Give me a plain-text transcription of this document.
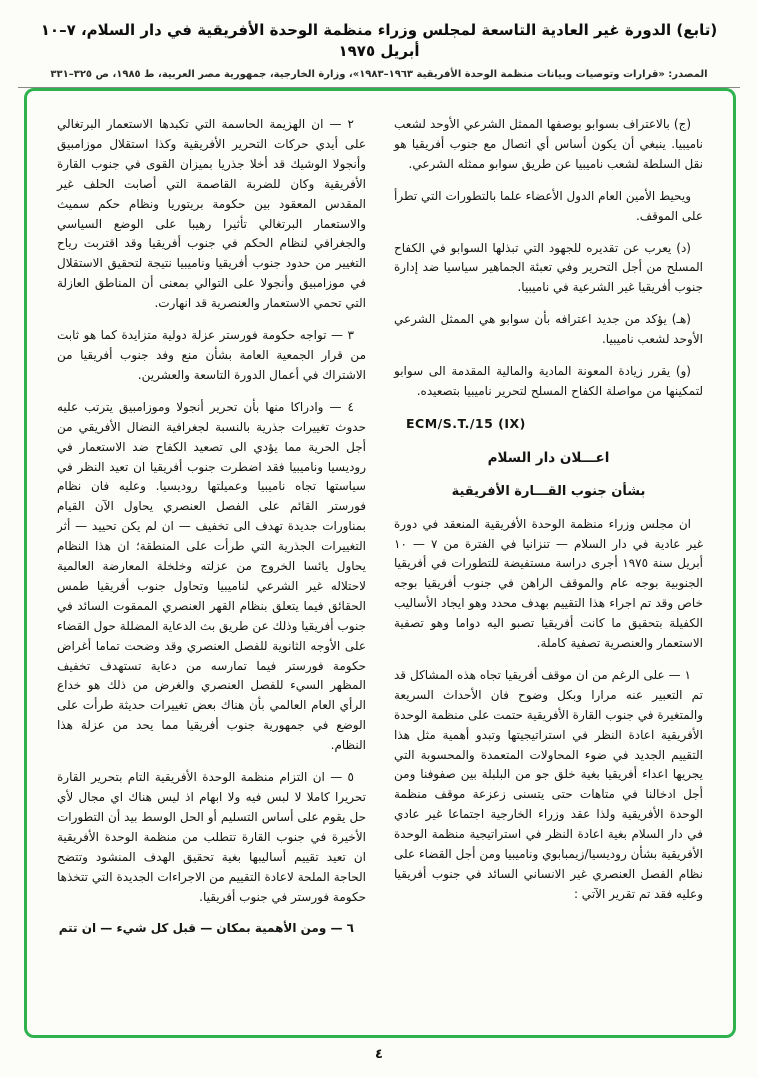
(تابع) الدورة غير العادية التاسعة لمجلس وزراء منظمة الوحدة الأفريقية في دار السلام، ٧–١٠ أبريل ١٩٧٥
المصدر: «قرارات وتوصيات وبيانات منظمة الوحدة الأفريقية ١٩٦٣–١٩٨٣»، وزارة الخارجية، جمهورية مصر العربية، ط ١٩٨٥، ص ٣٢٥–٣٣١

(ج) بالاعتراف بسوابو بوصفها الممثل الشرعي الأوحد لشعب ناميبيا. ينبغي أن يكون أساس أي اتصال مع جنوب أفريقيا هو نقل السلطة لشعب ناميبيا عن طريق سوابو ممثله الشرعي.

ويحيط الأمين العام الدول الأعضاء علما بالتطورات التي تطرأ على الموقف.

(د) يعرب عن تقديره للجهود التي تبذلها السوابو في الكفاح المسلح من أجل التحرير وفي تعبئة الجماهير سياسيا ضد إدارة جنوب أفريقيا غير الشرعية في ناميبيا.

(هـ) يؤكد من جديد اعترافه بأن سوابو هي الممثل الشرعي الأوحد لشعب ناميبيا.

(و) يقرر زيادة المعونة المادية والمالية المقدمة الى سوابو لتمكينها من مواصلة الكفاح المسلح لتحرير ناميبيا بتصعيده.

ECM/S.T./15 (IX)

اعـــلان دار السلام

بشأن جنوب القـــارة الأفريقية

ان مجلس وزراء منظمة الوحدة الأفريقية المنعقد في دورة غير عادية في دار السلام — تنزانيا في الفترة من ٧ — ١٠ أبريل سنة ١٩٧٥ أجرى دراسة مستفيضة للتطورات في أفريقيا الجنوبية بوجه عام والموقف الراهن في جنوب أفريقيا بوجه خاص وقد تم اجراء هذا التقييم بهدف محدد وهو ايجاد الأساليب الكفيلة بتحقيق ما كانت أفريقيا تصبو اليه دواما وهو تصفية الاستعمار والعنصرية تصفية كاملة.

١ — على الرغم من ان موقف أفريقيا تجاه هذه المشاكل قد تم التعبير عنه مرارا وبكل وضوح فان الأحداث السريعة والمتغيرة في جنوب القارة الأفريقية حتمت على منظمة الوحدة الأفريقية اعادة النظر في استراتيجيتها وتبدو أهمية مثل هذا التقييم الجديد في ضوء المحاولات المتعمدة والمحسوبة التي يجريها اعداء أفريقيا بغية خلق جو من البلبلة بين صفوفنا ومن أجل ادخالنا في متاهات حتى يتسنى زعزعة موقف منظمة الوحدة الأفريقية ولذا عقد وزراء الخارجية اجتماعا غير عادي في دار السلام بغية اعادة النظر في استراتيجية منظمة الوحدة الأفريقية بشأن روديسيا/زيمبابوي وناميبيا ومن أجل القضاء على نظام الفصل العنصري غير الانساني السائد في جنوب أفريقيا وعليه فقد تم تقرير الآتي :

٢ — ان الهزيمة الحاسمة التي تكبدها الاستعمار البرتغالي على أيدي حركات التحرير الأفريقية وكذا استقلال موزامبيق وأنجولا الوشيك قد أخلا جذريا بميزان القوى في جنوب القارة الأفريقية وكان للضربة القاصمة التي أصابت الحلف غير المقدس المعقود بين حكومة بريتوريا ونظام حكم سميث والاستعمار البرتغالي تأثيرا رهيبا على الوضع السياسي والجغرافي لنظام الحكم في جنوب أفريقيا وقد اقتربت رياح التغيير من حدود جنوب أفريقيا وناميبيا نتيجة لتحقيق الاستقلال في موزامبيق وأنجولا على التوالي بمعنى أن المناطق العازلة التي تحمي الاستعمار والعنصرية قد انهارت.

٣ — تواجه حكومة فورستر عزلة دولية متزايدة كما هو ثابت من قرار الجمعية العامة بشأن منع وفد جنوب أفريقيا من الاشتراك في أعمال الدورة التاسعة والعشرين.

٤ — وادراكا منها بأن تحرير أنجولا وموزامبيق يترتب عليه حدوث تغييرات جذرية بالنسبة لجغرافية النضال الأفريقي من أجل الحرية مما يؤدي الى تصعيد الكفاح ضد الاستعمار في روديسيا وناميبيا فقد اضطرت جنوب أفريقيا ان تعيد النظر في سياستها تجاه ناميبيا وعميلتها روديسيا. وعليه فان نظام فورستر القائم على الفصل العنصري يحاول الآن القيام بمناورات جديدة تهدف الى تخفيف — ان لم يكن تحييد — أثر التغييرات الجذرية التي طرأت على المنطقة؛ ان هذا النظام يحاول يائسا الخروج من عزلته وخلخلة المعارضة العالمية لاحتلاله غير الشرعي لناميبيا وتحاول جنوب أفريقيا طمس الحقائق فيما يتعلق بنظام القهر العنصري الممقوت السائد في جنوب أفريقيا وذلك عن طريق بث الدعاية المضللة حول القضاء على الأوجه الثانوية للفصل العنصري وقد وضحت تماما أغراض حكومة فورستر فيما تمارسه من دعاية تستهدف تخفيف المظهر السيء للفصل العنصري والغرض من ذلك هو خداع الرأي العام العالمي بأن هناك بعض تغييرات حديثة طرأت على الوضع في جمهورية جنوب أفريقيا مما يحد من عزلة هذا النظام.

٥ — ان التزام منظمة الوحدة الأفريقية التام بتحرير القارة تحريرا كاملا لا لبس فيه ولا ابهام اذ ليس هناك اي مجال لأي حل يقوم على أساس التسليم أو الحل الوسط بيد أن التطورات الأخيرة في جنوب القارة تتطلب من منظمة الوحدة الأفريقية ان تعيد تقييم أساليبها بغية تحقيق الهدف المنشود وتتضح الحاجة الملحة لاعادة التقييم من الاجراءات الجديدة التي تتخذها حكومة فورستر في جنوب أفريقيا.

٦ — ومن الأهمية بمكان — قبل كل شيء — ان تتم

٤
